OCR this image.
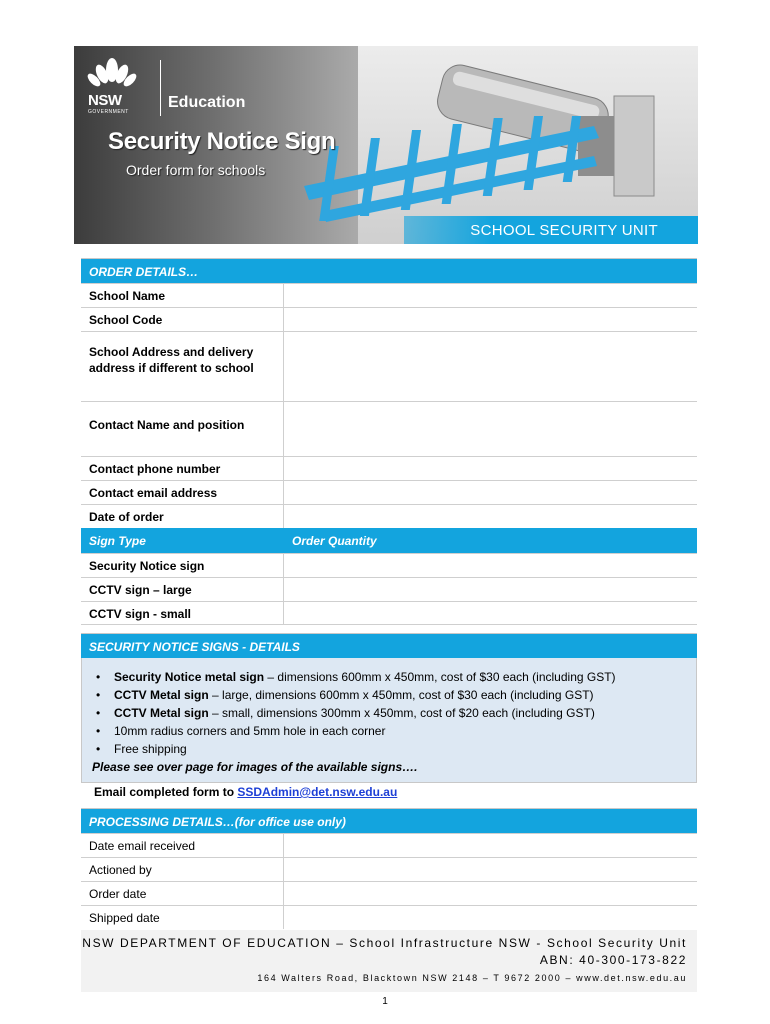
NSW
GOVERNMENT
Education
Security Notice Sign
Order form for schools
SCHOOL SECURITY UNIT
ORDER DETAILS…
School Name
School Code
School Address and delivery address if different to school
Contact Name and position
Contact phone number
Contact email address
Date of order
Sign Type	Order Quantity
Security Notice sign
CCTV sign – large
CCTV sign - small
SECURITY NOTICE SIGNS - DETAILS
• Security Notice metal sign – dimensions 600mm x 450mm, cost of $30 each (including GST)
• CCTV Metal sign – large, dimensions 600mm x 450mm, cost of $30 each (including GST)
• CCTV Metal sign – small, dimensions 300mm x 450mm, cost of $20 each (including GST)
• 10mm radius corners and 5mm hole in each corner
• Free shipping
Please see over page for images of the available signs….
Email completed form to SSDAdmin@det.nsw.edu.au
PROCESSING DETAILS…(for office use only)
Date email received
Actioned by
Order date
Shipped date
NSW DEPARTMENT OF EDUCATION – School Infrastructure NSW - School Security Unit
ABN: 40-300-173-822
164 Walters Road, Blacktown NSW 2148 – T 9672 2000 – www.det.nsw.edu.au
1
